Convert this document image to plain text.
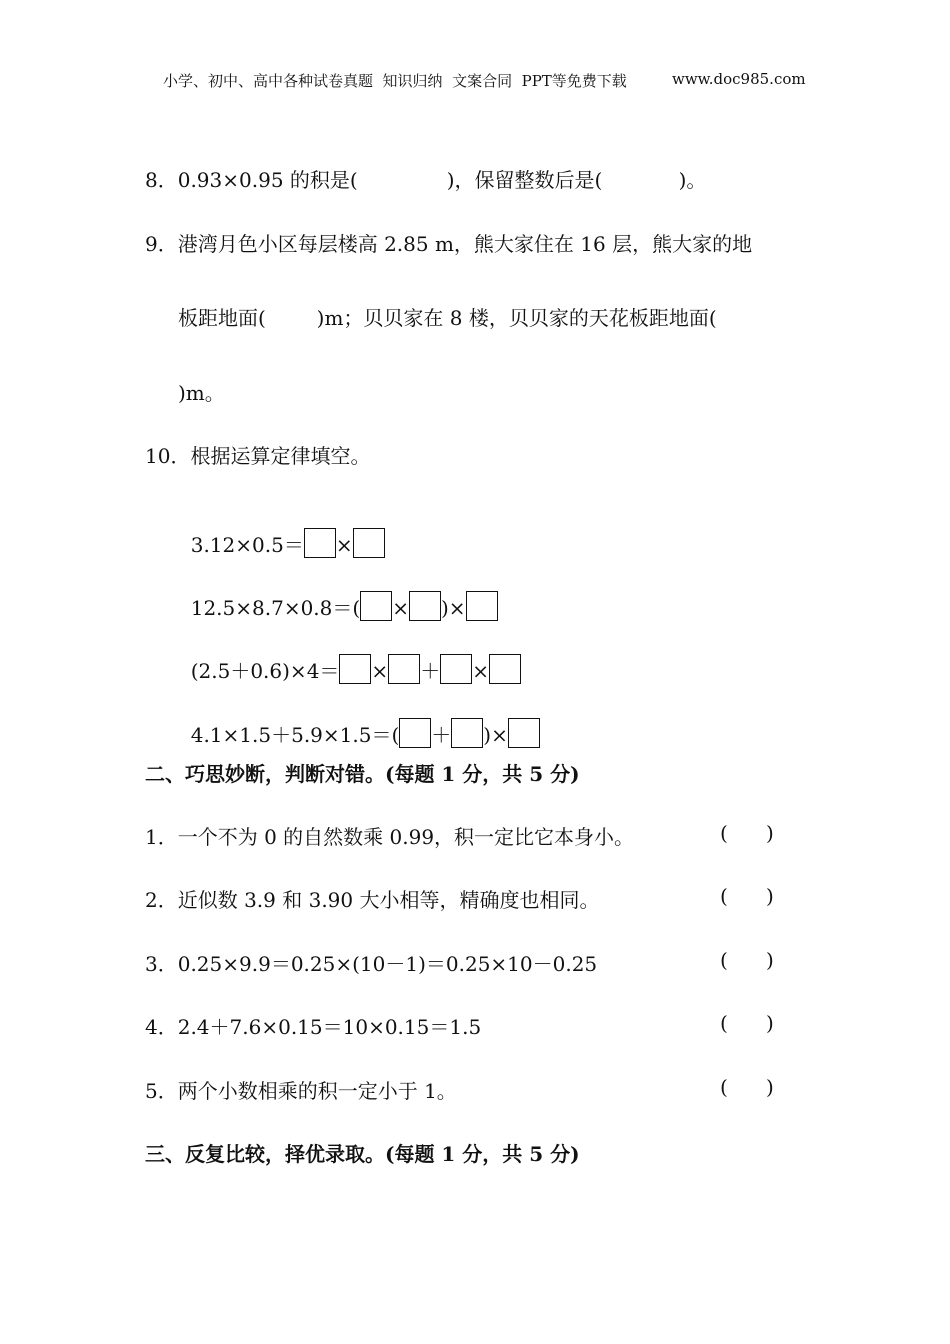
小学、初中、高中各种试卷真题  知识归纳  文案合同  PPT等免费下载	www.doc985.com
8．0.93×0.95 的积是(              )，保留整数后是(            )。
9．港湾月色小区每层楼高 2.85 m，熊大家住在 16 层，熊大家的地
板距地面(        )m；贝贝家在 8 楼，贝贝家的天花板距地面(
)m。
10．根据运算定律填空。

3.12×0.5＝ ×

12.5×8.7×0.8＝( × )×

(2.5＋0.6)×4＝ × ＋ ×

4.1×1.5＋5.9×1.5＝( ＋ )×

二、巧思妙断，判断对错。(每题 1 分，共 5 分)
1．一个不为 0 的自然数乘 0.99，积一定比它本身小。	(      )
2．近似数 3.9 和 3.90 大小相等，精确度也相同。	(      )
3．0.25×9.9＝0.25×(10－1)＝0.25×10－0.25	(      )
4．2.4＋7.6×0.15＝10×0.15＝1.5	(      )
5．两个小数相乘的积一定小于 1。	(      )
三、反复比较，择优录取。(每题 1 分，共 5 分)
